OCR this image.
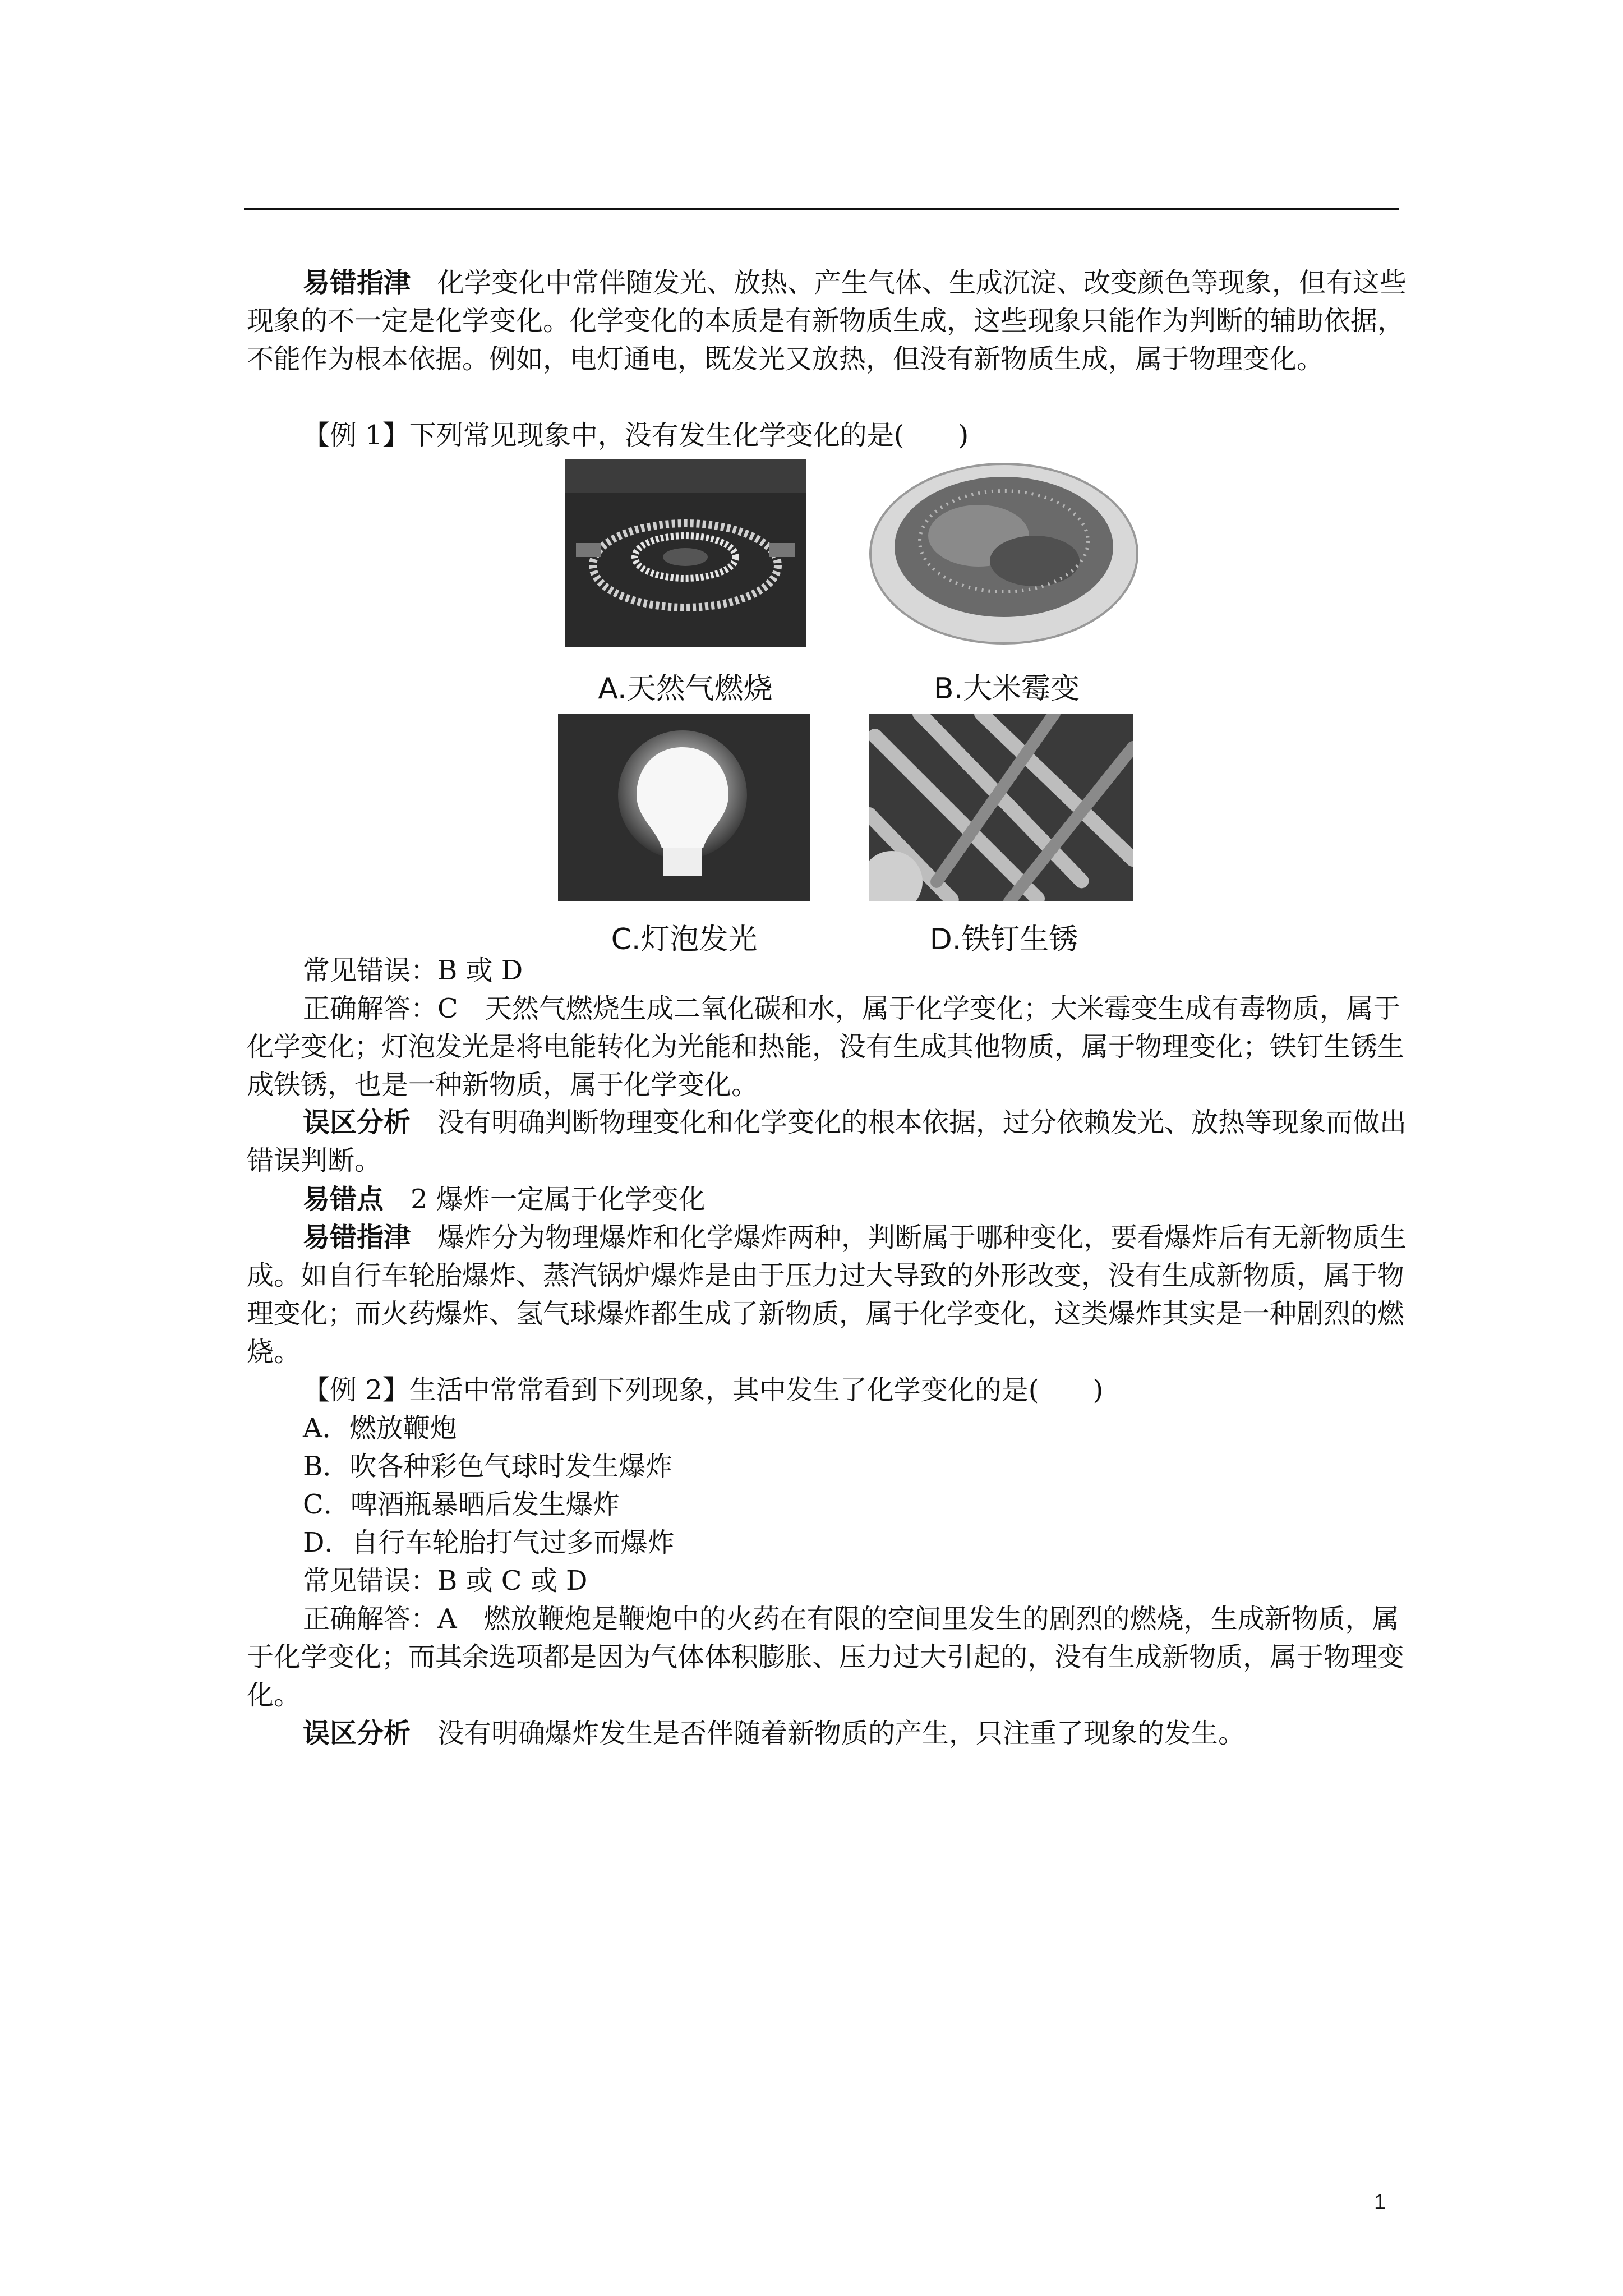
易错指津　 化学变化中常伴随发光、放热、产生气体、生成沉淀、改变颜色等现象，但有这些现象的不一定是化学变化。化学变化的本质是有新物质生成，这些现象只能作为判断的辅助依据，不能作为根本依据。例如，电灯通电，既发光又放热，但没有新物质生成，属于物理变化。
【例 1】下列常见现象中，没有发生化学变化的是(　　)
A.天然气燃烧	B.大米霉变
C.灯泡发光	D.铁钉生锈
常见错误：B 或 D
正确解答：C　天然气燃烧生成二氧化碳和水，属于化学变化；大米霉变生成有毒物质，属于化学变化；灯泡发光是将电能转化为光能和热能，没有生成其他物质，属于物理变化；铁钉生锈生成铁锈，也是一种新物质，属于化学变化。
误区分析　 没有明确判断物理变化和化学变化的根本依据，过分依赖发光、放热等现象而做出错误判断。
易错点　 2 爆炸一定属于化学变化
易错指津　 爆炸分为物理爆炸和化学爆炸两种，判断属于哪种变化，要看爆炸后有无新物质生成。如自行车轮胎爆炸、蒸汽锅炉爆炸是由于压力过大导致的外形改变，没有生成新物质，属于物理变化；而火药爆炸、氢气球爆炸都生成了新物质，属于化学变化，这类爆炸其实是一种剧烈的燃烧。
【例 2】生活中常常看到下列现象，其中发生了化学变化的是(　　)
A．燃放鞭炮
B．吹各种彩色气球时发生爆炸
C．啤酒瓶暴晒后发生爆炸
D．自行车轮胎打气过多而爆炸
常见错误：B 或 C 或 D
正确解答：A　燃放鞭炮是鞭炮中的火药在有限的空间里发生的剧烈的燃烧，生成新物质，属于化学变化；而其余选项都是因为气体体积膨胀、压力过大引起的，没有生成新物质，属于物理变化。
误区分析　 没有明确爆炸发生是否伴随着新物质的产生，只注重了现象的发生。
1
